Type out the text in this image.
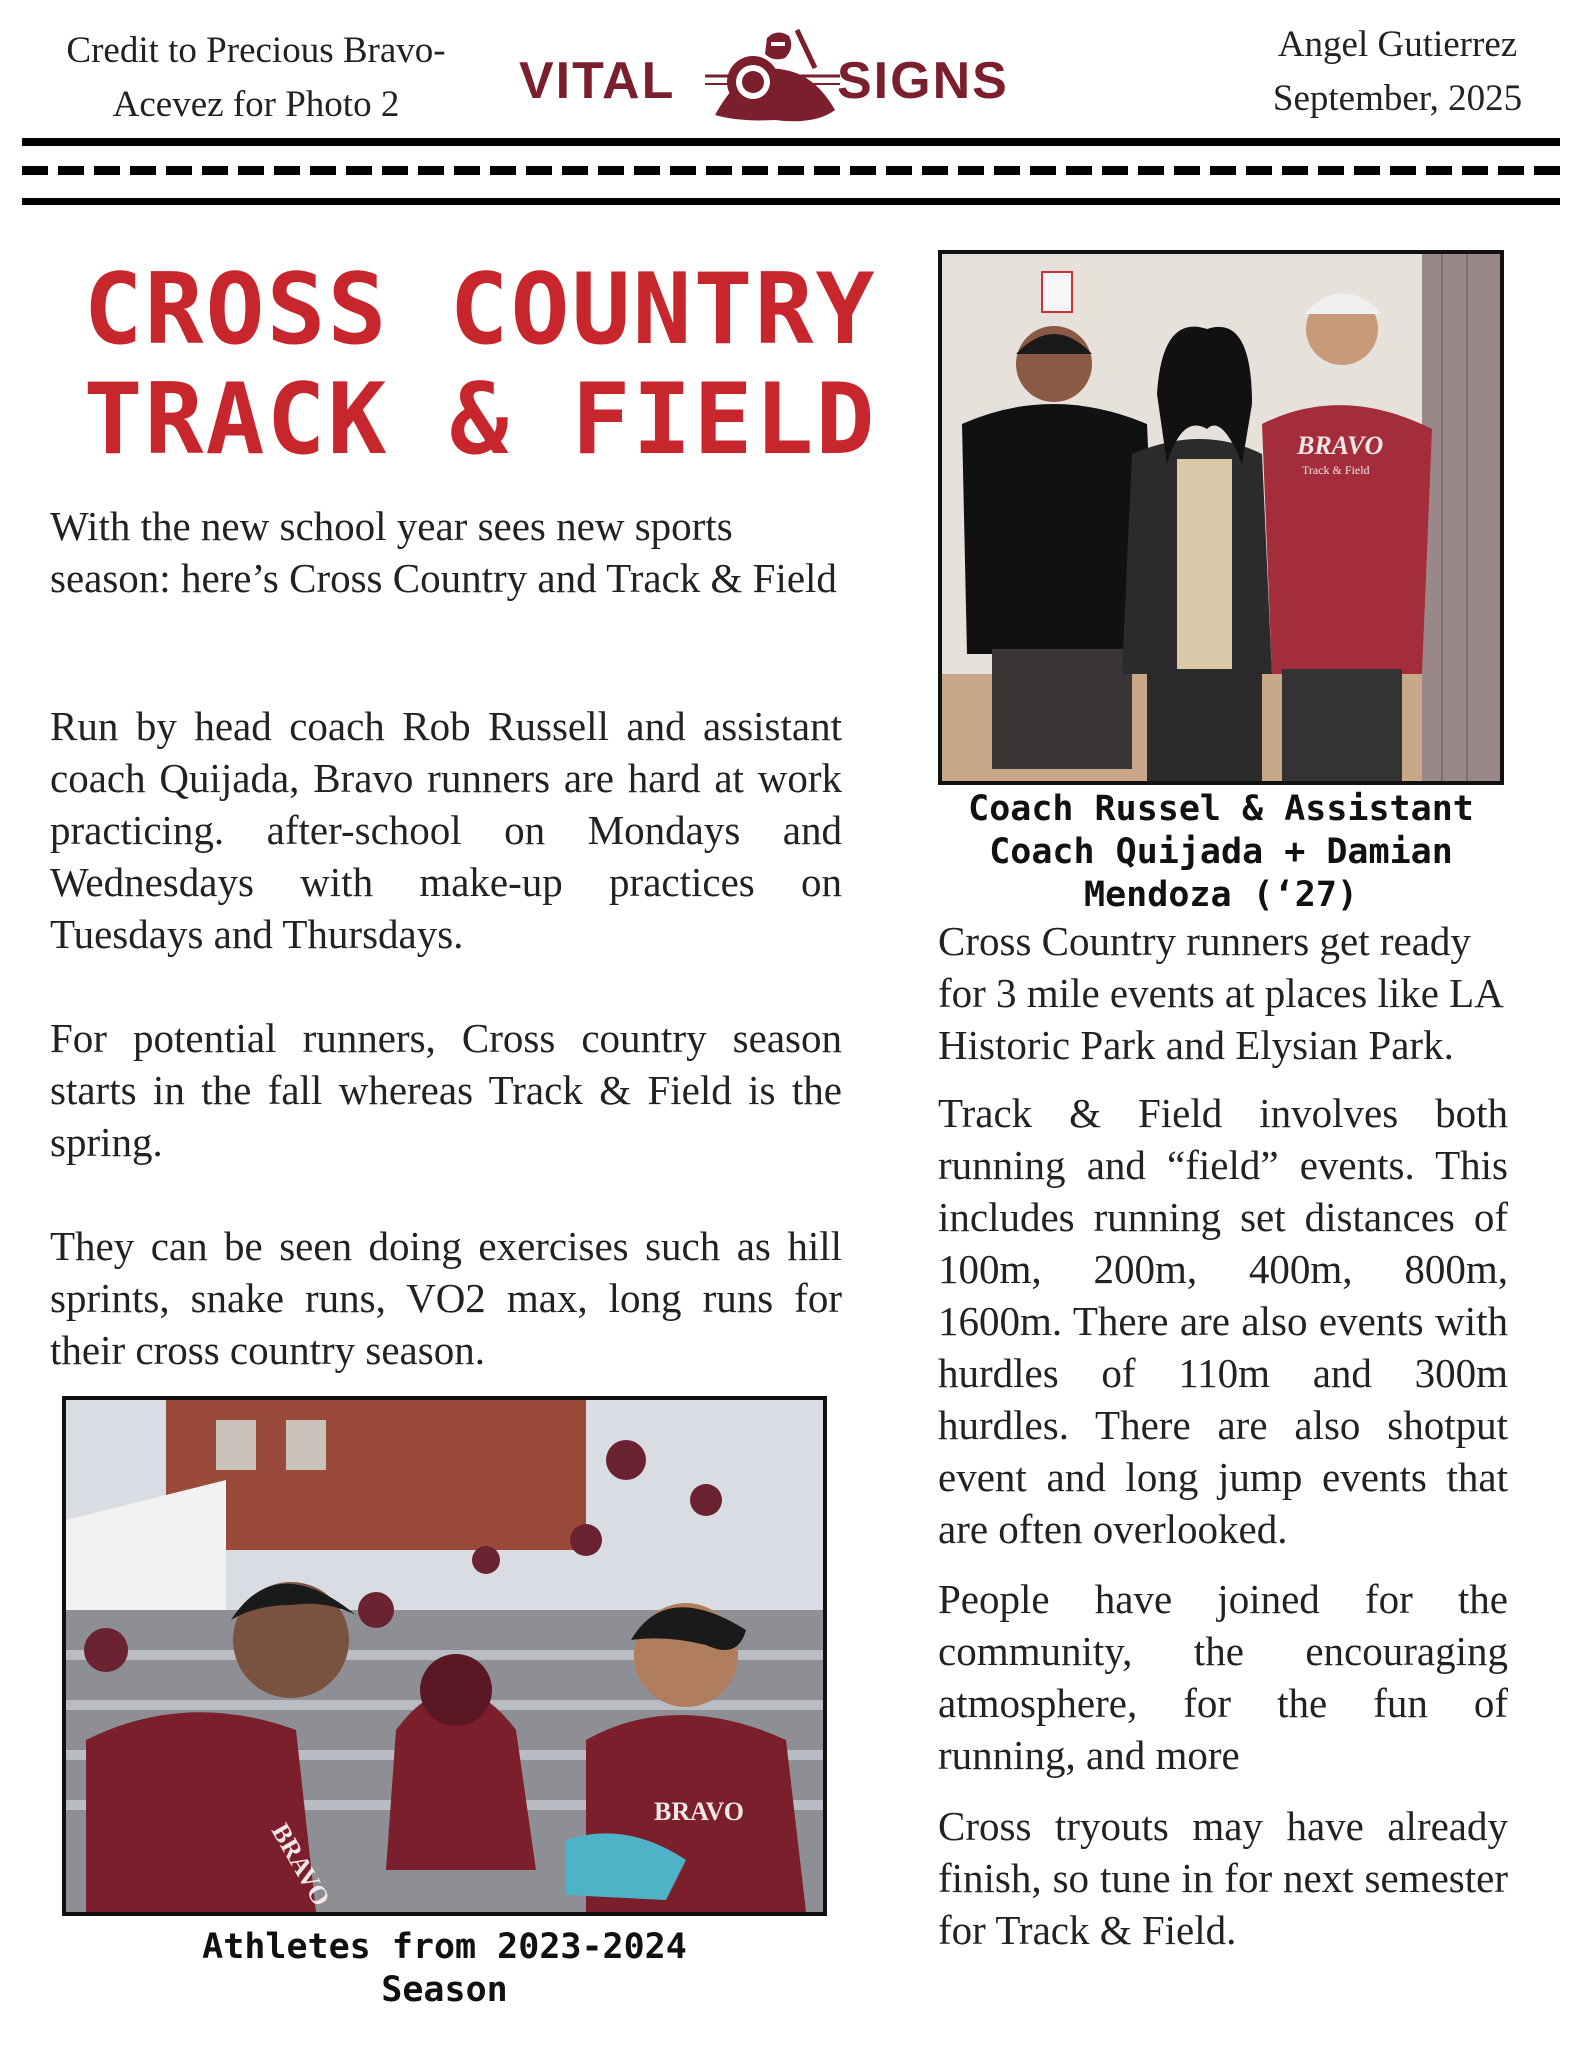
Credit to Precious Bravo-
Acevez for Photo 2	VITAL	SIGNS
Angel Gutierrez
September, 2025
CROSS COUNTRY
TRACK & FIELD
With the new school year sees new sports season: here’s Cross Country and Track & Field
Run by head coach Rob Russell and assistant coach Quijada, Bravo runners are hard at work practicing. after-school on Mondays and Wednesdays with make-up practices on Tuesdays and Thursdays.
For potential runners, Cross country season starts in the fall whereas Track & Field is the spring.
They can be seen doing exercises such as hill sprints, snake runs, VO2 max, long runs for their cross country season.
BRAVO
BRAVO
Athletes from 2023-2024
Season
BRAVO
Track & Field
Coach Russel & Assistant
Coach Quijada + Damian
Mendoza (‘27)
Cross Country runners get ready for 3 mile events at places like LA Historic Park and Elysian Park.
Track & Field involves both running and “field” events. This includes running set distances of 100m, 200m, 400m, 800m, 1600m. There are also events with hurdles of 110m and 300m hurdles. There are also shotput event and long jump events that are often overlooked.
People have joined for the community, the encouraging atmosphere, for the fun of running, and more
Cross tryouts may have already finish, so tune in for next semester for Track & Field.
